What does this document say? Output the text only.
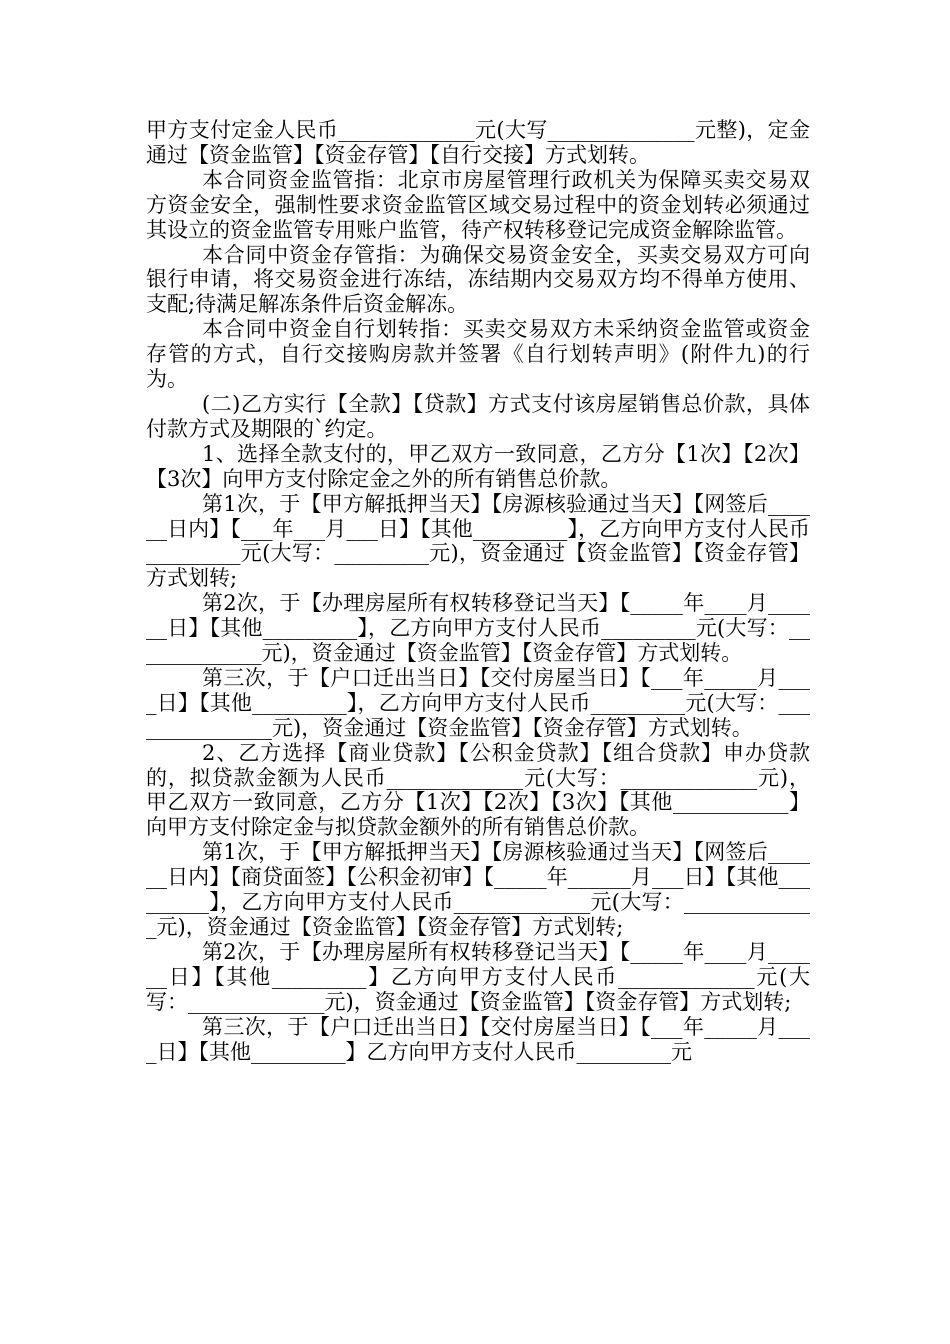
甲方支付定金人民币_____________元(大写______________元整)，定金通过【资金监管】【资金存管】【自行交接】方式划转。

本合同资金监管指：北京市房屋管理行政机关为保障买卖交易双方资金安全，强制性要求资金监管区域交易过程中的资金划转必须通过其设立的资金监管专用账户监管，待产权转移登记完成资金解除监管。

本合同中资金存管指：为确保交易资金安全，买卖交易双方可向银行申请，将交易资金进行冻结，冻结期内交易双方均不得单方使用、支配;待满足解冻条件后资金解冻。

本合同中资金自行划转指：买卖交易双方未采纳资金监管或资金存管的方式，自行交接购房款并签署《自行划转声明》(附件九)的行为。

(二)乙方实行【全款】【贷款】方式支付该房屋销售总价款，具体付款方式及期限的`约定。

1、选择全款支付的，甲乙双方一致同意，乙方分【1次】【2次】【3次】向甲方支付除定金之外的所有销售总价款。

第1次，于【甲方解抵押当天】【房源核验通过当天】【网签后______日内】【___年___月___日】【其他_________】，乙方向甲方支付人民币_________元(大写：_________元)，资金通过【资金监管】【资金存管】方式划转;

第2次，于【办理房屋所有权转移登记当天】【_____年____月______日】【其他_________】，乙方向甲方支付人民币_________元(大写：_____________元)，资金通过【资金监管】【资金存管】方式划转。

第三次，于【户口迁出当日】【交付房屋当日】【___年_____月____日】【其他_________】，乙方向甲方支付人民币_________元(大写：_______________元)，资金通过【资金监管】【资金存管】方式划转。

2、乙方选择【商业贷款】【公积金贷款】【组合贷款】申办贷款的，拟贷款金额为人民币_____________元(大写：_____________元)，甲乙双方一致同意，乙方分【1次】【2次】【3次】【其他___________】向甲方支付除定金与拟贷款金额外的所有销售总价款。

第1次，于【甲方解抵押当天】【房源核验通过当天】【网签后______日内】【商贷面签】【公积金初审】【_____年______月___日】【其他_________】，乙方向甲方支付人民币_____________元(大写：_____________元)，资金通过【资金监管】【资金存管】方式划转;

第2次，于【办理房屋所有权转移登记当天】【_____年____月______日】【其他_________】乙方向甲方支付人民币_____________元(大写：_____________元)，资金通过【资金监管】【资金存管】方式划转;

第三次，于【户口迁出当日】【交付房屋当日】【___年_____月____日】【其他_________】乙方向甲方支付人民币_________元
